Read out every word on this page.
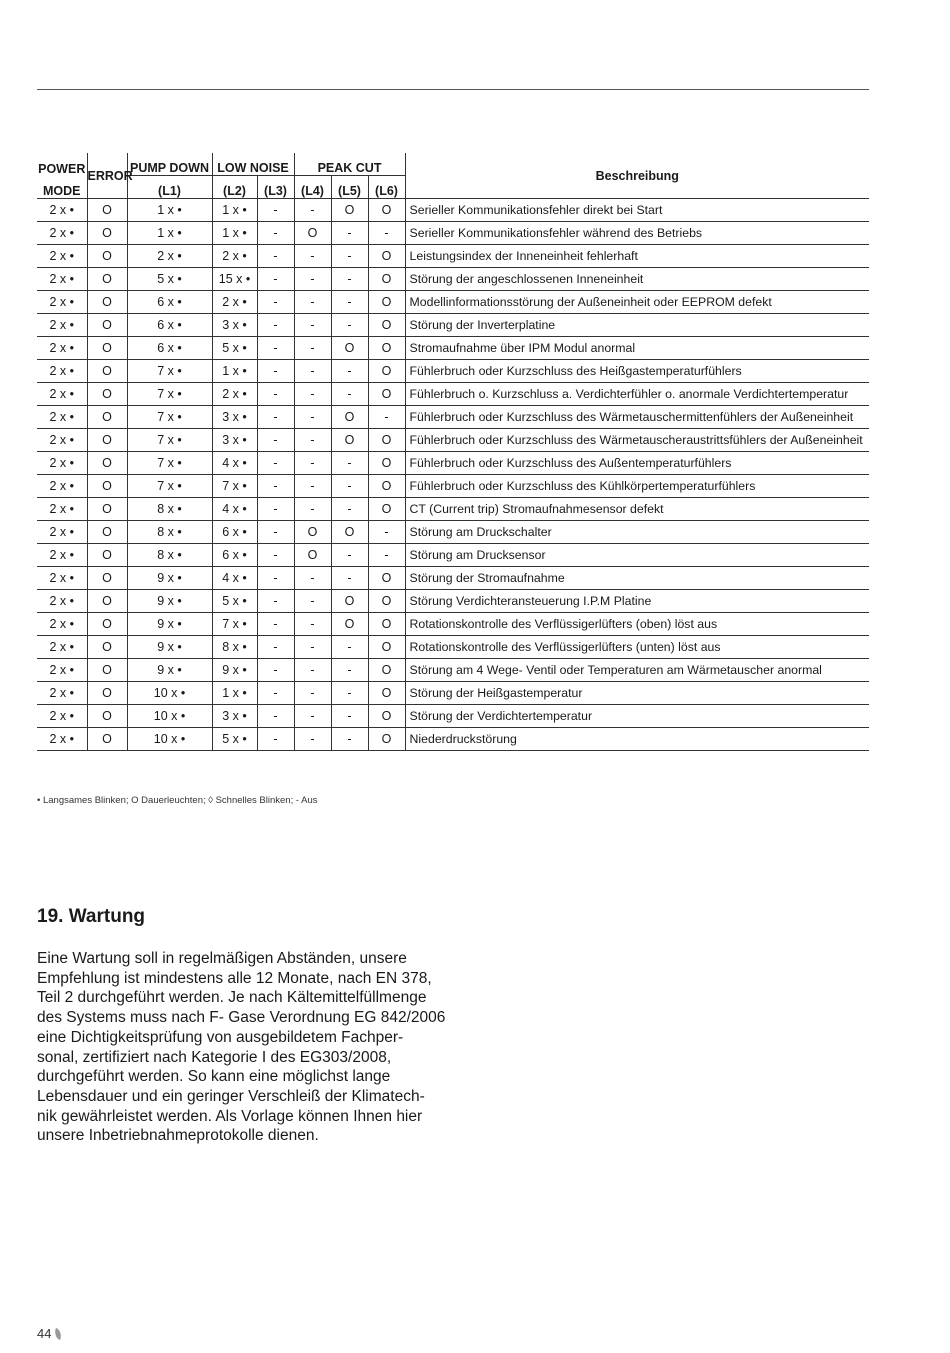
POWER	ERROR	PUMP DOWN	LOW NOISE		PEAK CUT			Beschreibung
MODE		(L1)	(L2)	(L3)	(L4)	(L5)	(L6)	
2 x •	O	1 x •	1 x •	-	-	O	O	Serieller Kommunikationsfehler direkt bei Start
2 x •	O	1 x •	1 x •	-	O	-	-	Serieller Kommunikationsfehler während des Betriebs
2 x •	O	2 x •	2 x •	-	-	-	O	Leistungsindex der Inneneinheit fehlerhaft
2 x •	O	5 x •	15 x •	-	-	-	O	Störung der angeschlossenen Inneneinheit
2 x •	O	6 x •	2 x •	-	-	-	O	Modellinformationsstörung der Außeneinheit oder EEPROM defekt
2 x •	O	6 x •	3 x •	-	-	-	O	Störung der Inverterplatine
2 x •	O	6 x •	5 x •	-	-	O	O	Stromaufnahme über IPM Modul anormal
2 x •	O	7 x •	1 x •	-	-	-	O	Fühlerbruch oder Kurzschluss des Heißgastemperaturfühlers
2 x •	O	7 x •	2 x •	-	-	-	O	Fühlerbruch o. Kurzschluss a. Verdichterfühler o. anormale Verdichtertemperatur
2 x •	O	7 x •	3 x •	-	-	O	-	Fühlerbruch oder Kurzschluss des Wärmetauschermittenfühlers der Außeneinheit
2 x •	O	7 x •	3 x •	-	-	O	O	Fühlerbruch oder Kurzschluss des Wärmetauscheraustrittsfühlers der Außeneinheit
2 x •	O	7 x •	4 x •	-	-	-	O	Fühlerbruch oder Kurzschluss des Außentemperaturfühlers
2 x •	O	7 x •	7 x •	-	-	-	O	Fühlerbruch oder Kurzschluss des Kühlkörpertemperaturfühlers
2 x •	O	8 x •	4 x •	-	-	-	O	CT (Current trip) Stromaufnahmesensor defekt
2 x •	O	8 x •	6 x •	-	O	O	-	Störung am Druckschalter
2 x •	O	8 x •	6 x •	-	O	-	-	Störung am Drucksensor
2 x •	O	9 x •	4 x •	-	-	-	O	Störung der Stromaufnahme
2 x •	O	9 x •	5 x •	-	-	O	O	Störung Verdichteransteuerung I.P.M Platine
2 x •	O	9 x •	7 x •	-	-	O	O	Rotationskontrolle des Verflüssigerlüfters (oben) löst aus
2 x •	O	9 x •	8 x •	-	-	-	O	Rotationskontrolle des Verflüssigerlüfters (unten) löst aus
2 x •	O	9 x •	9 x •	-	-	-	O	Störung am 4 Wege- Ventil oder Temperaturen am Wärmetauscher anormal
2 x •	O	10 x •	1 x •	-	-	-	O	Störung der Heißgastemperatur
2 x •	O	10 x •	3 x •	-	-	-	O	Störung der Verdichtertemperatur
2 x •	O	10 x •	5 x •	-	-	-	O	Niederdruckstörung
• Langsames Blinken; O Dauerleuchten; ◊ Schnelles Blinken; - Aus
19. Wartung

Eine Wartung soll in regelmäßigen Abständen, unsere
Empfehlung ist mindestens alle 12 Monate, nach EN 378,
Teil 2 durchgeführt werden. Je nach Kältemittelfüllmenge
des Systems muss nach F- Gase Verordnung EG 842/2006
eine Dichtigkeitsprüfung von ausgebildetem Fachper-
sonal, zertifiziert nach Kategorie I des EG303/2008,
durchgeführt werden. So kann eine möglichst lange
Lebensdauer und ein geringer Verschleiß der Klimatech-
nik gewährleistet werden. Als Vorlage können Ihnen hier
unsere Inbetriebnahmeprotokolle dienen.

44
